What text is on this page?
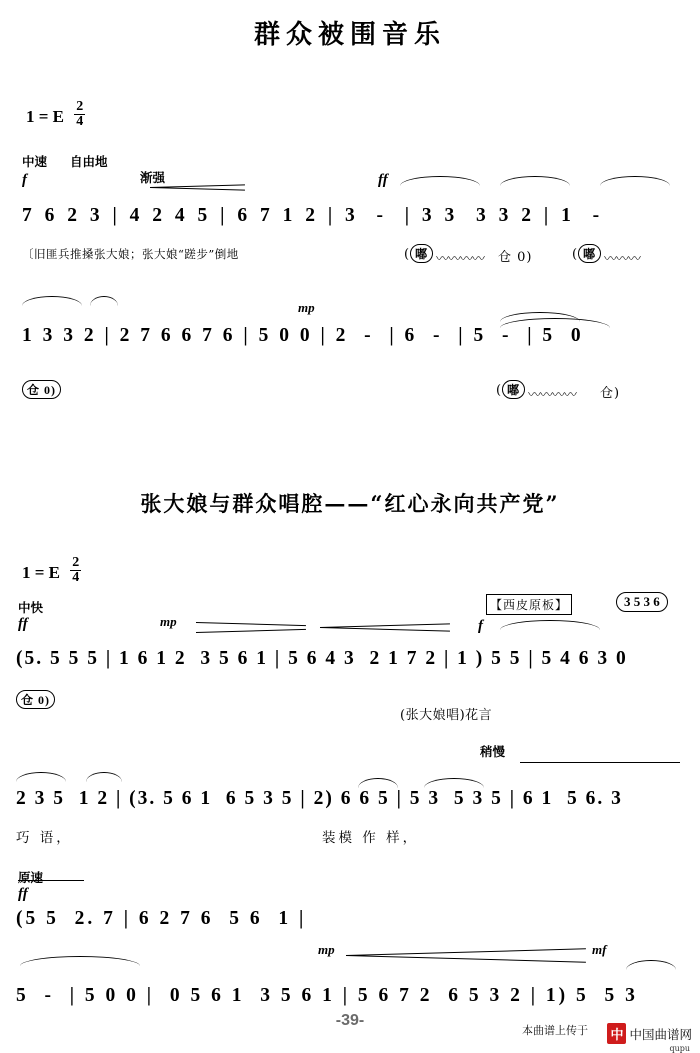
群众被围音乐
1 = E $\frac{2}{4}$
中速 自由地
f	渐强	ff
7 6 2 3 | 4 2 4 5 | 6 7 1 2 | 3  -  | 3 3  3 3 2 | 1  -
〔旧匪兵推搡张大娘；张大娘“蹉步”倒地	( 嘟 〰〰〰〰 仓 0)	( 嘟 〰〰〰
mp
1 3 3 2 | 2 7 6 6 7 6 | 5 0 0 | 2  -  | 6  -  | 5  -  | 5  0
仓 0)	( 嘟 〰〰〰〰 仓)
张大娘与群众唱腔——“红心永向共产党”
1 = E $\frac{2}{4}$
中快
ff	mp	f
【西皮原板】	3 5 3 6
(5. 5 5 5 | 1 6 1 2  3 5 6 1 | 5 6 4 3  2 1 7 2 | 1 ) 5 5 | 5 4 6 3 0
仓 0)
(张大娘唱)花言
稍慢
2 3 5  1 2 | (3. 5 6 1  6 5 3 5 | 2) 6 6 5 | 5 3  5 3 5 | 6 1  5 6. 3
巧 语，	装模 作 样，
原速
ff
(5 5  2. 7 | 6 2 7 6  5 6  1 |
mp	mf
5  -  | 5 0 0 |  0 5 6 1  3 5 6 1 | 5 6 7 2  6 5 3 2 | 1) 5  5 3
-39-
本曲谱上传于 中 中国曲谱网
qupu
